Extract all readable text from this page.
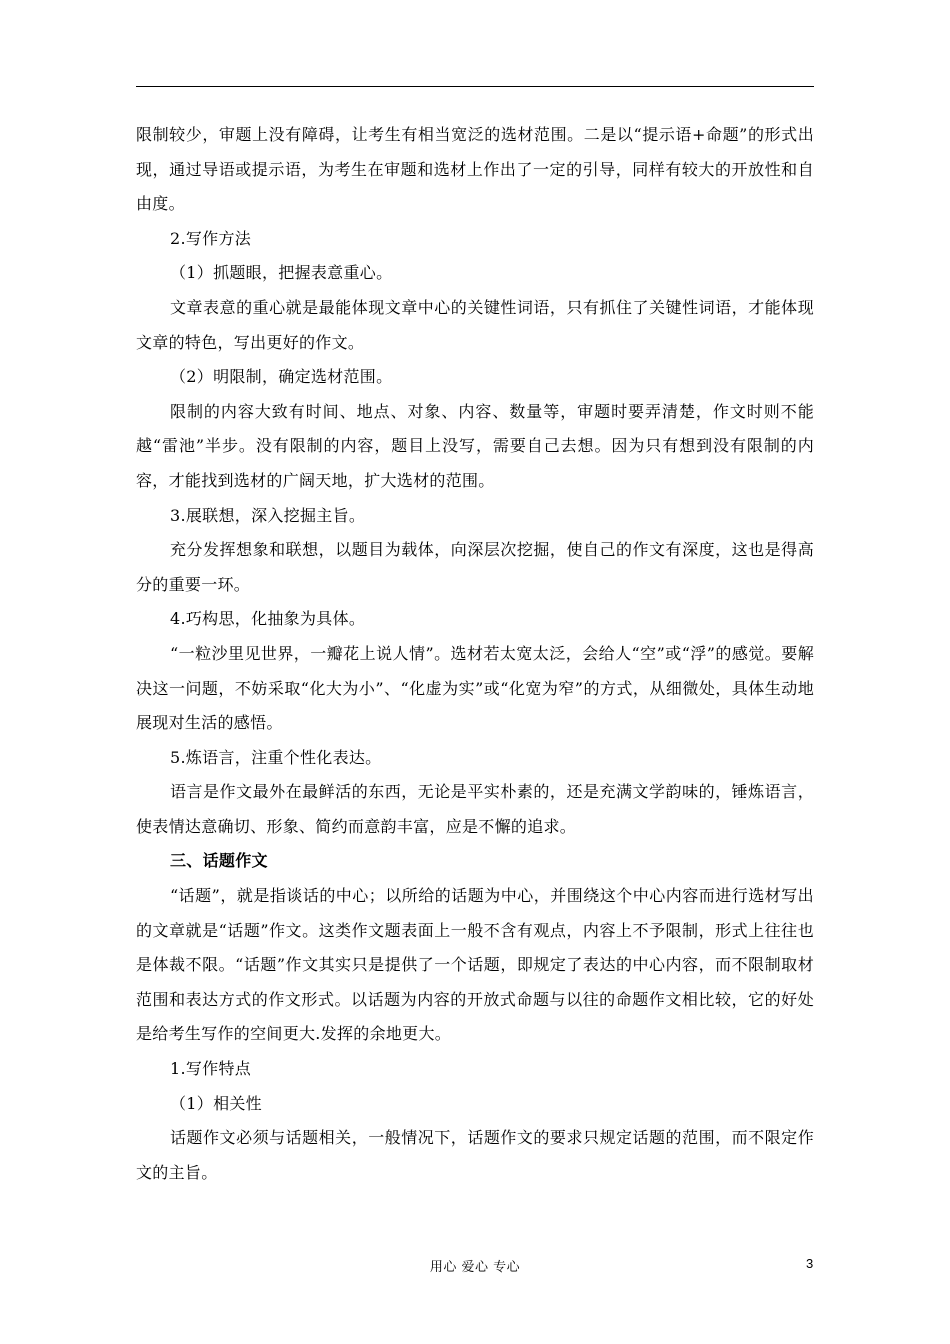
限制较少，审题上没有障碍，让考生有相当宽泛的选材范围。二是以“提示语+命题”的形式出现，通过导语或提示语，为考生在审题和选材上作出了一定的引导，同样有较大的开放性和自由度。

2.写作方法

（1）抓题眼，把握表意重心。

文章表意的重心就是最能体现文章中心的关键性词语，只有抓住了关键性词语，才能体现文章的特色，写出更好的作文。

（2）明限制，确定选材范围。

限制的内容大致有时间、地点、对象、内容、数量等，审题时要弄清楚，作文时则不能越“雷池”半步。没有限制的内容，题目上没写，需要自己去想。因为只有想到没有限制的内容，才能找到选材的广阔天地，扩大选材的范围。

3.展联想，深入挖掘主旨。

充分发挥想象和联想，以题目为载体，向深层次挖掘，使自己的作文有深度，这也是得高分的重要一环。

4.巧构思，化抽象为具体。

“一粒沙里见世界，一瓣花上说人情”。选材若太宽太泛，会给人“空”或“浮”的感觉。要解决这一问题，不妨采取“化大为小”、“化虚为实”或“化宽为窄”的方式，从细微处，具体生动地展现对生活的感悟。

5.炼语言，注重个性化表达。

语言是作文最外在最鲜活的东西，无论是平实朴素的，还是充满文学韵味的，锤炼语言，使表情达意确切、形象、简约而意韵丰富，应是不懈的追求。

三、话题作文

“话题”，就是指谈话的中心；以所给的话题为中心，并围绕这个中心内容而进行选材写出的文章就是“话题”作文。这类作文题表面上一般不含有观点，内容上不予限制，形式上往往也是体裁不限。“话题”作文其实只是提供了一个话题，即规定了表达的中心内容，而不限制取材范围和表达方式的作文形式。以话题为内容的开放式命题与以往的命题作文相比较，它的好处是给考生写作的空间更大.发挥的余地更大。

1.写作特点

（1）相关性

话题作文必须与话题相关，一般情况下，话题作文的要求只规定话题的范围，而不限定作文的主旨。

用心 爱心 专心	3
